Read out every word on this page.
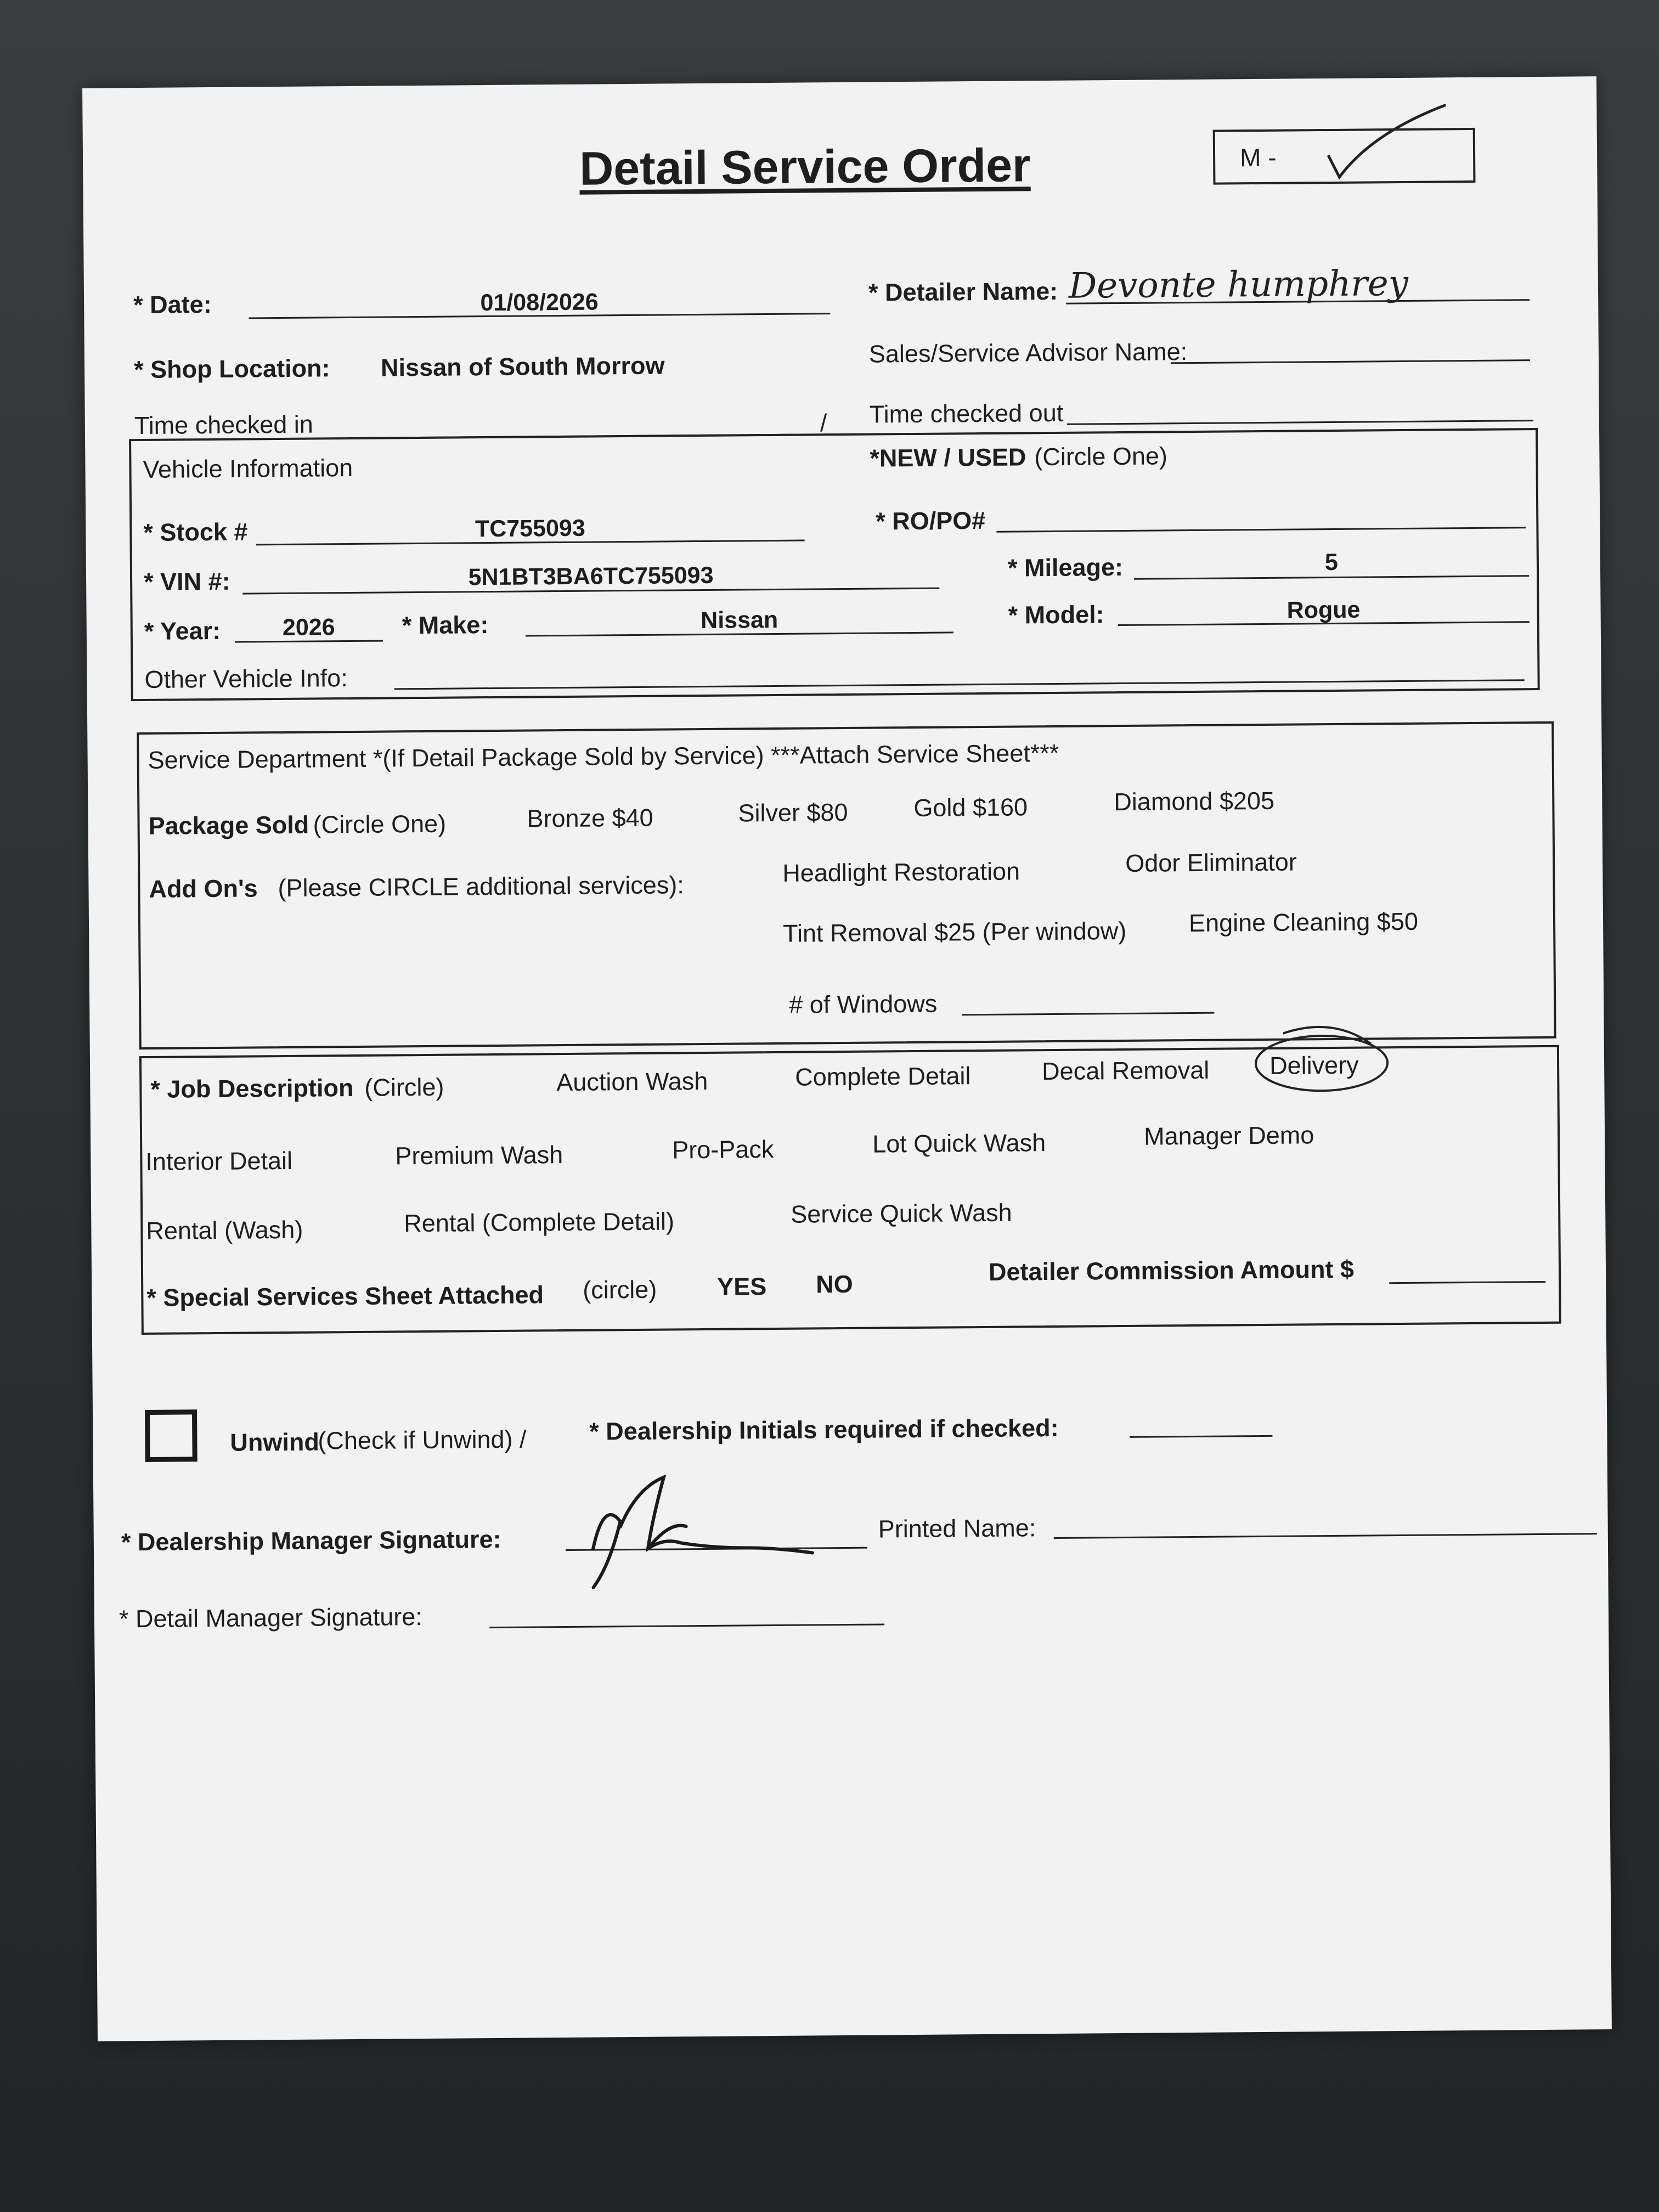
Detail Service Order	M -
* Date:	01/08/2026	* Detailer Name: Devonte humphrey
* Shop Location: Nissan of South Morrow	Sales/Service Advisor Name:
Time checked in	/ Time checked out
Vehicle Information	*NEW / USED (Circle One)
* Stock #	TC755093	* RO/PO#
* VIN #:	5N1BT3BA6TC755093	* Mileage:	5
* Year:	2026	* Make:	Nissan	* Model:	Rogue
Other Vehicle Info:
Service Department *(If Detail Package Sold by Service) ***Attach Service Sheet***
Package Sold (Circle One)	Bronze $40	Silver $80	Gold $160	Diamond $205
Add On's (Please CIRCLE additional services):	Headlight Restoration	Odor Eliminator
Tint Removal $25 (Per window)	Engine Cleaning $50
# of Windows
* Job Description (Circle)	Auction Wash	Complete Detail	Decal Removal Delivery
Interior Detail	Premium Wash	Pro-Pack	Lot Quick Wash	Manager Demo
Rental (Wash)	Rental (Complete Detail)	Service Quick Wash
* Special Services Sheet Attached (circle) YES NO	Detailer Commission Amount $
Unwind
(Check if Unwind) /	* Dealership Initials required if checked:
* Dealership Manager Signature:	Printed Name:
* Detail Manager Signature:
